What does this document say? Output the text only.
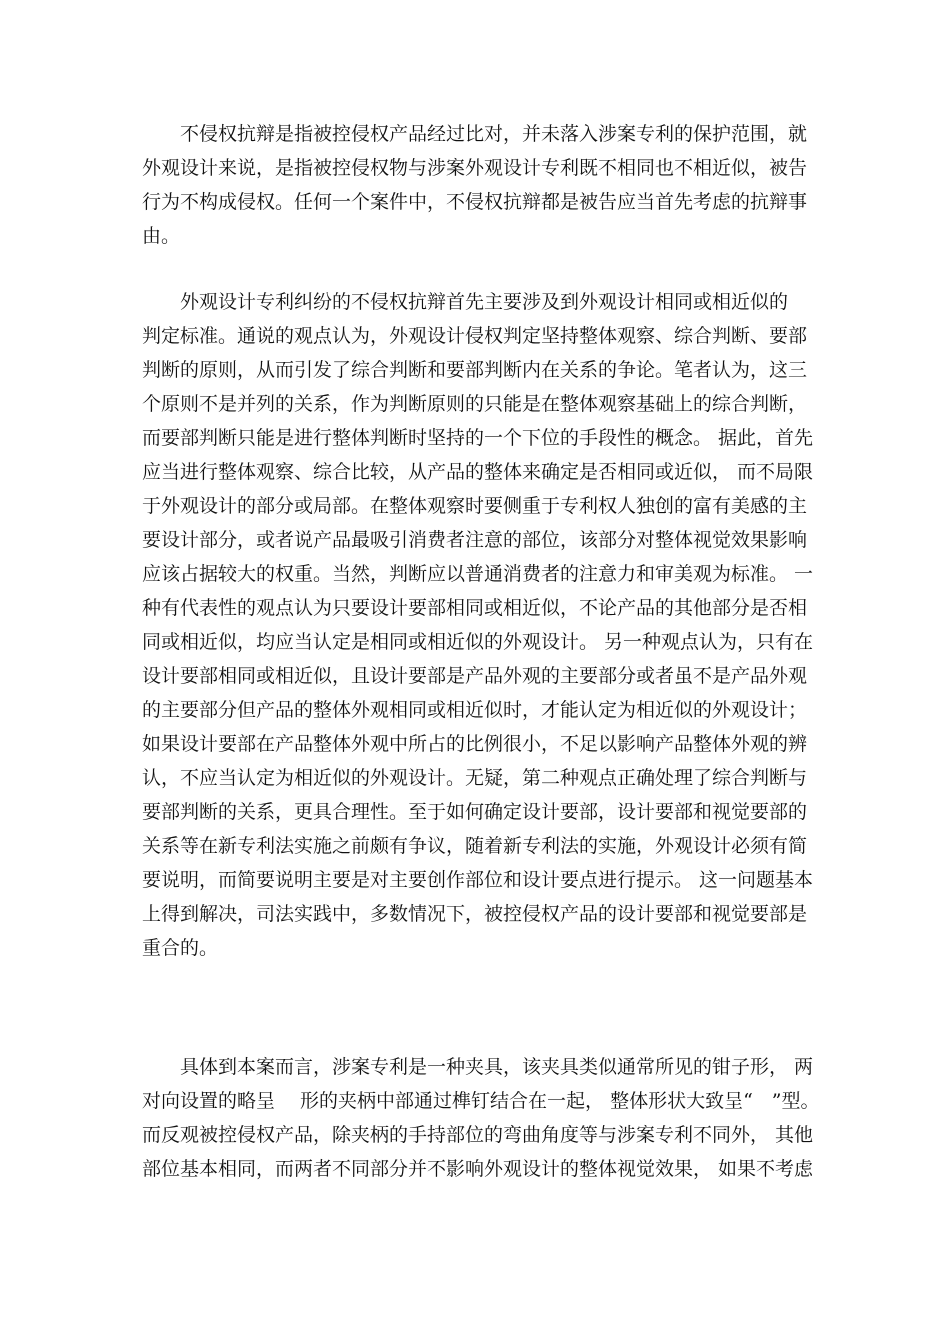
　　不侵权抗辩是指被控侵权产品经过比对，并未落入涉案专利的保护范围，就
外观设计来说，是指被控侵权物与涉案外观设计专利既不相同也不相近似，被告
行为不构成侵权。任何一个案件中，不侵权抗辩都是被告应当首先考虑的抗辩事
由。
　　外观设计专利纠纷的不侵权抗辩首先主要涉及到外观设计相同或相近似的
判定标准。通说的观点认为，外观设计侵权判定坚持整体观察、综合判断、要部
判断的原则，从而引发了综合判断和要部判断内在关系的争论。笔者认为，这三
个原则不是并列的关系，作为判断原则的只能是在整体观察基础上的综合判断，
而要部判断只能是进行整体判断时坚持的一个下位的手段性的概念。 据此，首先
应当进行整体观察、综合比较，从产品的整体来确定是否相同或近似， 而不局限
于外观设计的部分或局部。在整体观察时要侧重于专利权人独创的富有美感的主
要设计部分，或者说产品最吸引消费者注意的部位，该部分对整体视觉效果影响
应该占据较大的权重。当然，判断应以普通消费者的注意力和审美观为标准。 一
种有代表性的观点认为只要设计要部相同或相近似，不论产品的其他部分是否相
同或相近似，均应当认定是相同或相近似的外观设计。 另一种观点认为，只有在
设计要部相同或相近似，且设计要部是产品外观的主要部分或者虽不是产品外观
的主要部分但产品的整体外观相同或相近似时，才能认定为相近似的外观设计；
如果设计要部在产品整体外观中所占的比例很小，不足以影响产品整体外观的辨
认，不应当认定为相近似的外观设计。无疑，第二种观点正确处理了综合判断与
要部判断的关系，更具合理性。至于如何确定设计要部，设计要部和视觉要部的
关系等在新专利法实施之前颇有争议，随着新专利法的实施，外观设计必须有简
要说明，而简要说明主要是对主要创作部位和设计要点进行提示。 这一问题基本
上得到解决，司法实践中，多数情况下，被控侵权产品的设计要部和视觉要部是
重合的。
　　具体到本案而言，涉案专利是一种夹具，该夹具类似通常所见的钳子形， 两
对向设置的略呈　 形的夹柄中部通过榫钉结合在一起， 整体形状大致呈“　”型。
而反观被控侵权产品，除夹柄的手持部位的弯曲角度等与涉案专利不同外， 其他
部位基本相同，而两者不同部分并不影响外观设计的整体视觉效果， 如果不考虑
